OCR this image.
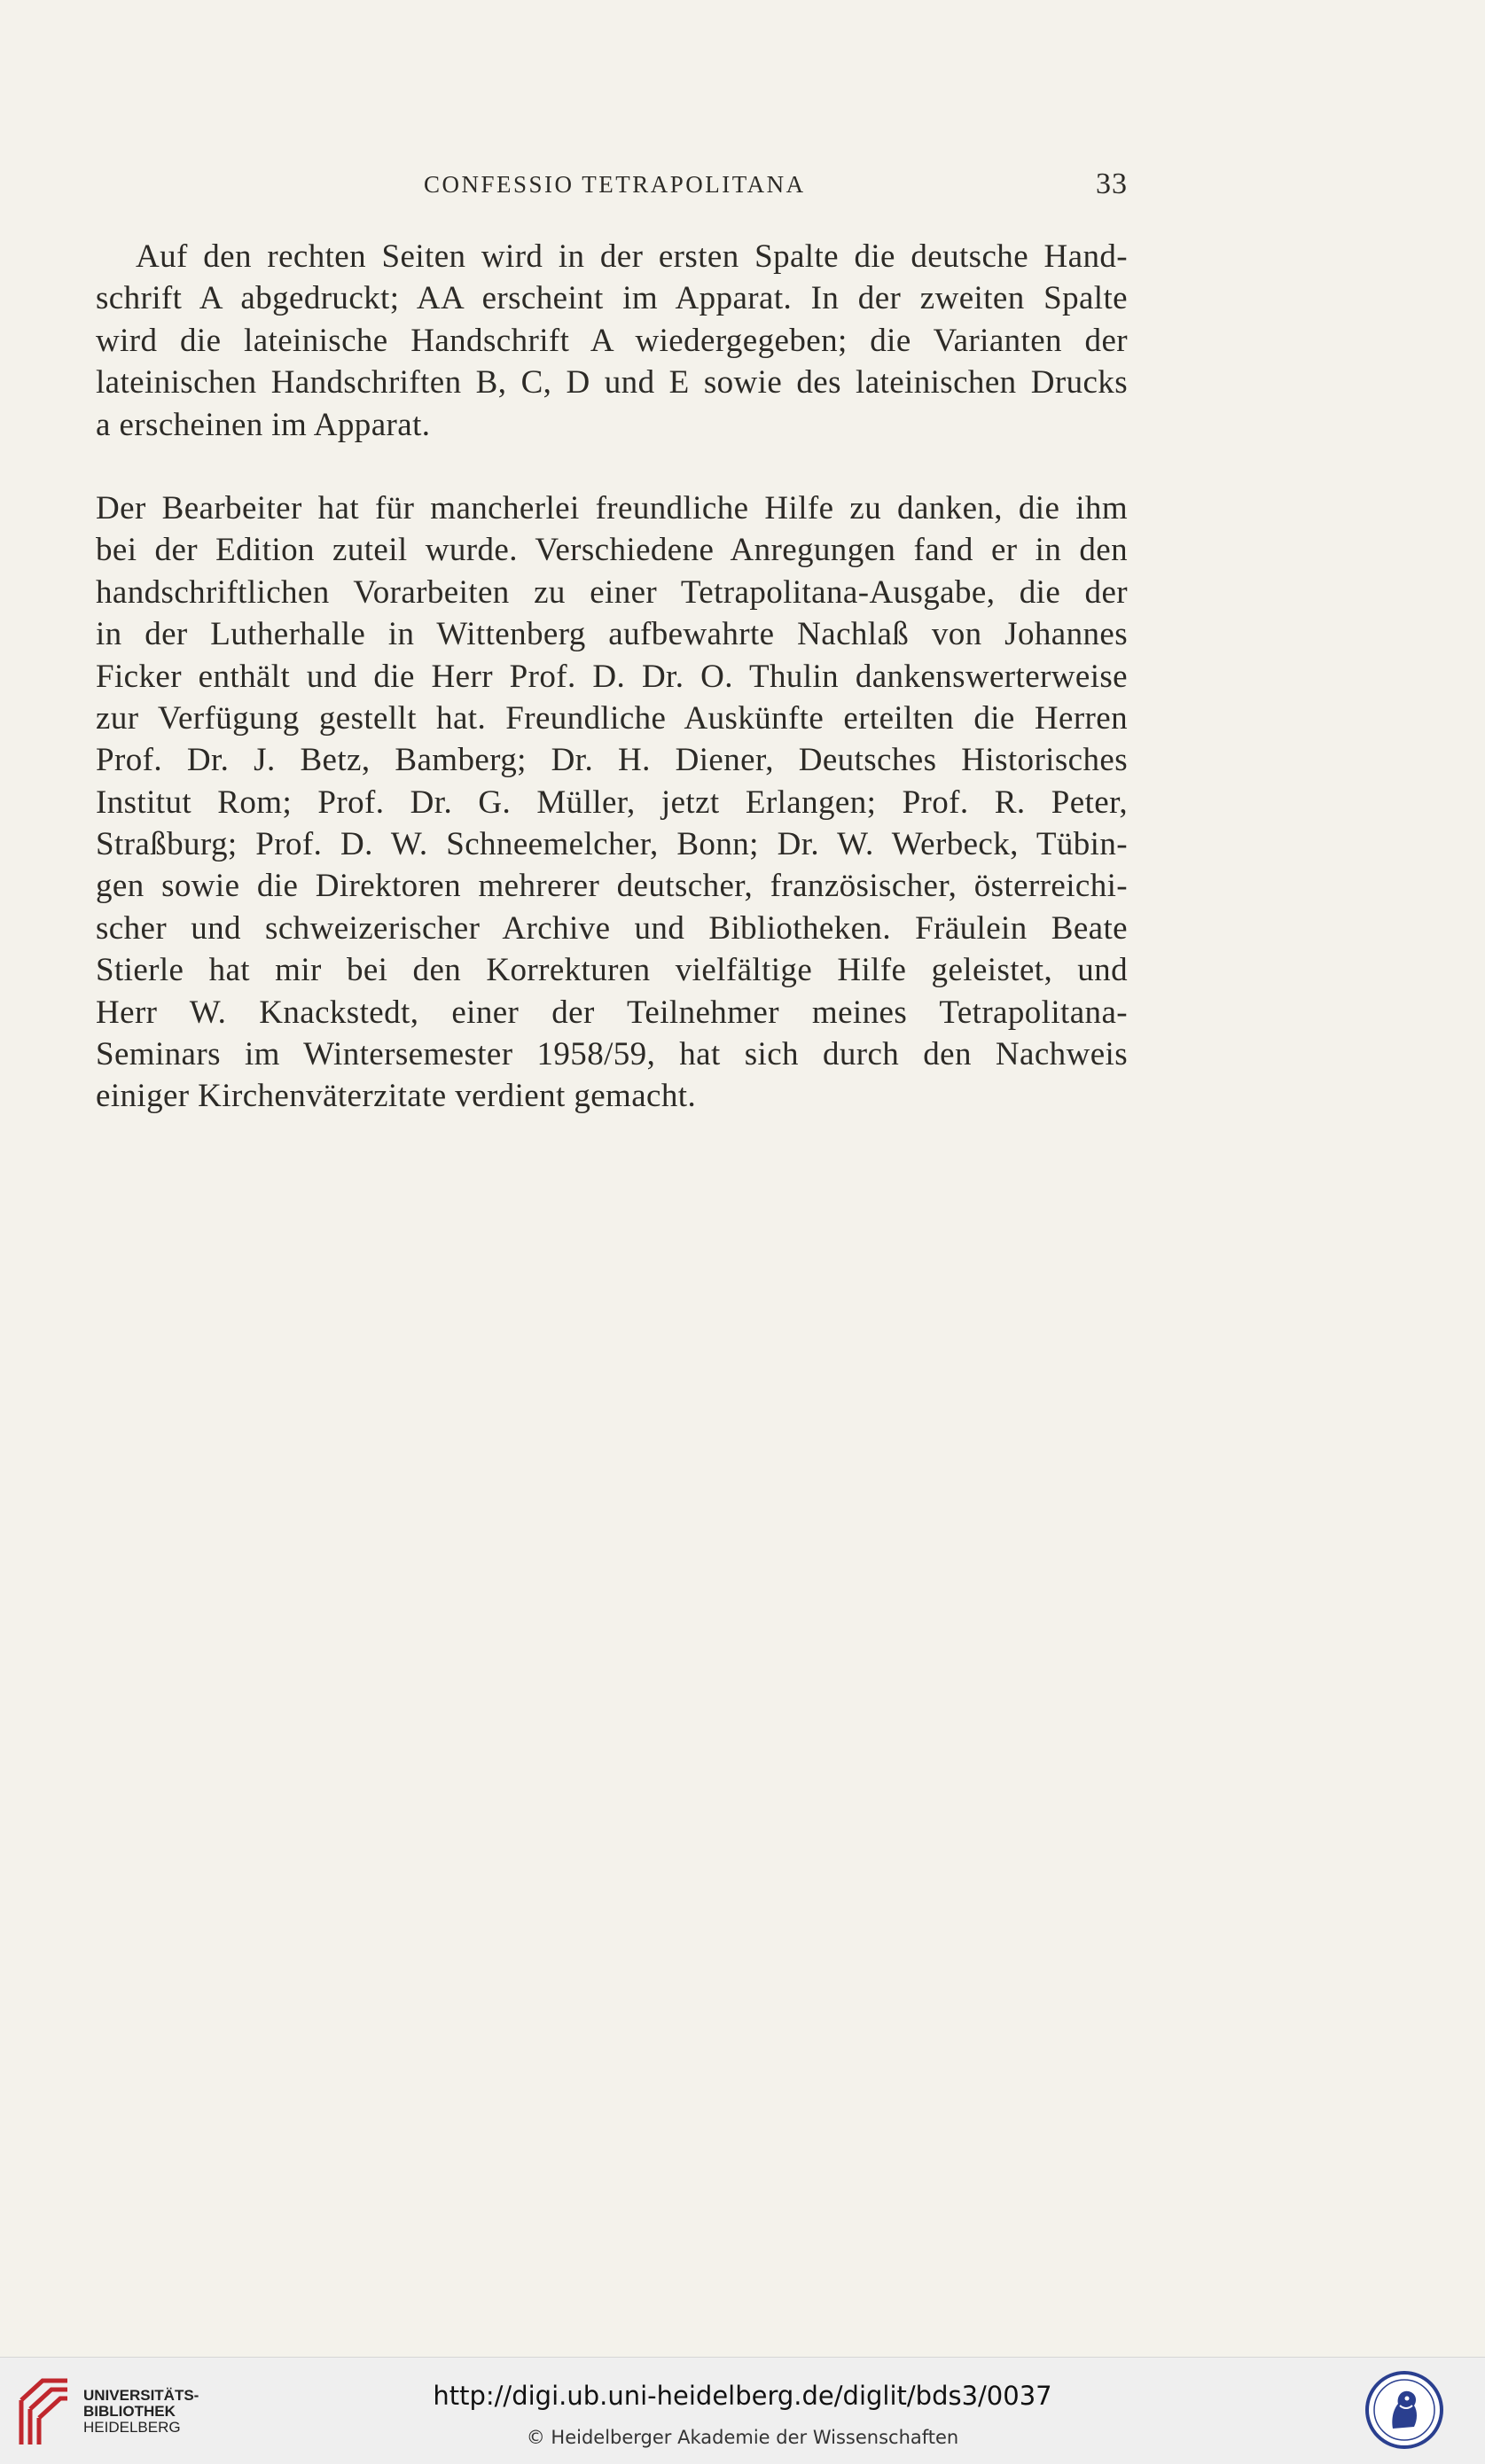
CONFESSIO TETRAPOLITANA	33
Auf den rechten Seiten wird in der ersten Spalte die deutsche Hand-
schrift A abgedruckt; AA erscheint im Apparat. In der zweiten Spalte
wird die lateinische Handschrift A wiedergegeben; die Varianten der
lateinischen Handschriften B, C, D und E sowie des lateinischen Drucks
a erscheinen im Apparat.
Der Bearbeiter hat für mancherlei freundliche Hilfe zu danken, die ihm
bei der Edition zuteil wurde. Verschiedene Anregungen fand er in den
handschriftlichen Vorarbeiten zu einer Tetrapolitana-Ausgabe, die der
in der Lutherhalle in Wittenberg aufbewahrte Nachlaß von Johannes
Ficker enthält und die Herr Prof. D. Dr. O. Thulin dankenswerterweise
zur Verfügung gestellt hat. Freundliche Auskünfte erteilten die Herren
Prof. Dr. J. Betz, Bamberg; Dr. H. Diener, Deutsches Historisches
Institut Rom; Prof. Dr. G. Müller, jetzt Erlangen; Prof. R. Peter,
Straßburg; Prof. D. W. Schneemelcher, Bonn; Dr. W. Werbeck, Tübin-
gen sowie die Direktoren mehrerer deutscher, französischer, österreichi-
scher und schweizerischer Archive und Bibliotheken. Fräulein Beate
Stierle hat mir bei den Korrekturen vielfältige Hilfe geleistet, und
Herr W. Knackstedt, einer der Teilnehmer meines Tetrapolitana-
Seminars im Wintersemester 1958/59, hat sich durch den Nachweis
einiger Kirchenväterzitate verdient gemacht.
UNIVERSITÄTS-
BIBLIOTHEK
HEIDELBERG
http://digi.ub.uni-heidelberg.de/diglit/bds3/0037
© Heidelberger Akademie der Wissenschaften
